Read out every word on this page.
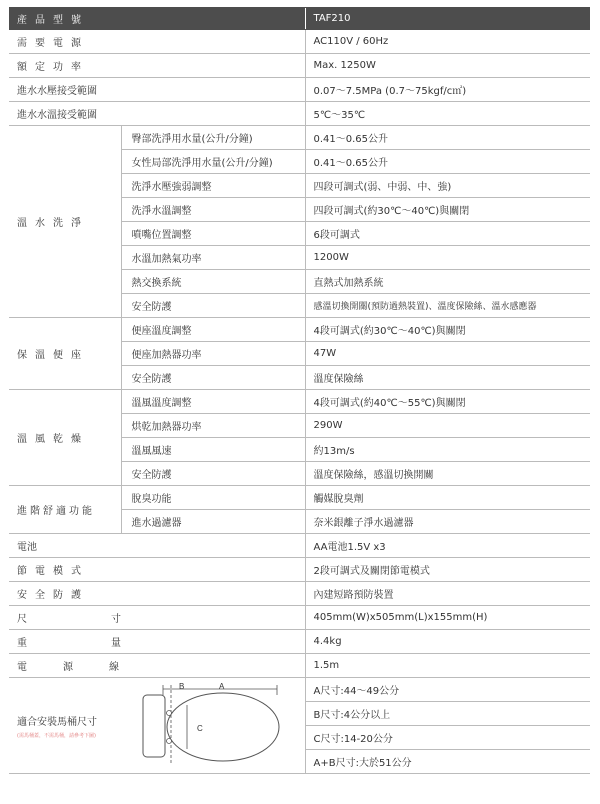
產品型號		TAF210
需要電源		AC110V / 60Hz
額定功率		Max. 1250W
進水水壓接受範圍		0.07～7.5MPa (0.7～75kgf/c㎡)
進水水溫接受範圍		5℃～35℃
溫水洗淨	臀部洗淨用水量(公升/分鐘)	0.41～0.65公升
	女性局部洗淨用水量(公升/分鐘)	0.41～0.65公升
	洗淨水壓強弱調整	四段可調式(弱、中弱、中、強)
	洗淨水溫調整	四段可調式(約30℃～40℃)與關閉
	噴嘴位置調整	6段可調式
	水溫加熱氣功率	1200W
	熱交換系統	直熱式加熱系統
	安全防護	感溫切換開關(預防過熱裝置)、溫度保險絲、溫水感應器
保溫便座	便座溫度調整	4段可調式(約30℃～40℃)與關閉
	便座加熱器功率	47W
	安全防護	溫度保險絲
溫風乾燥	溫風溫度調整	4段可調式(約40℃～55℃)與關閉
	烘乾加熱器功率	290W
	溫風風速	約13m/s
	安全防護	溫度保險絲，感溫切換開關
進階舒適功能	脫臭功能	觸媒脫臭劑
	進水過濾器	奈米銀離子淨水過濾器

電池		AA電池1.5V x3
節電模式		2段可調式及關閉節電模式
安全防護		內建短路預防裝置
尺寸		405mm(W)x505mm(L)x155mm(H)
重量		4.4kg
電源線		1.5m

適合安裝馬桶尺寸
(需馬桶蓋，不需馬桶，請參考下圖)
B A
C		A尺寸:44～49公分
		B尺寸:4公分以上
		C尺寸:14-20公分
		A+B尺寸:大於51公分
